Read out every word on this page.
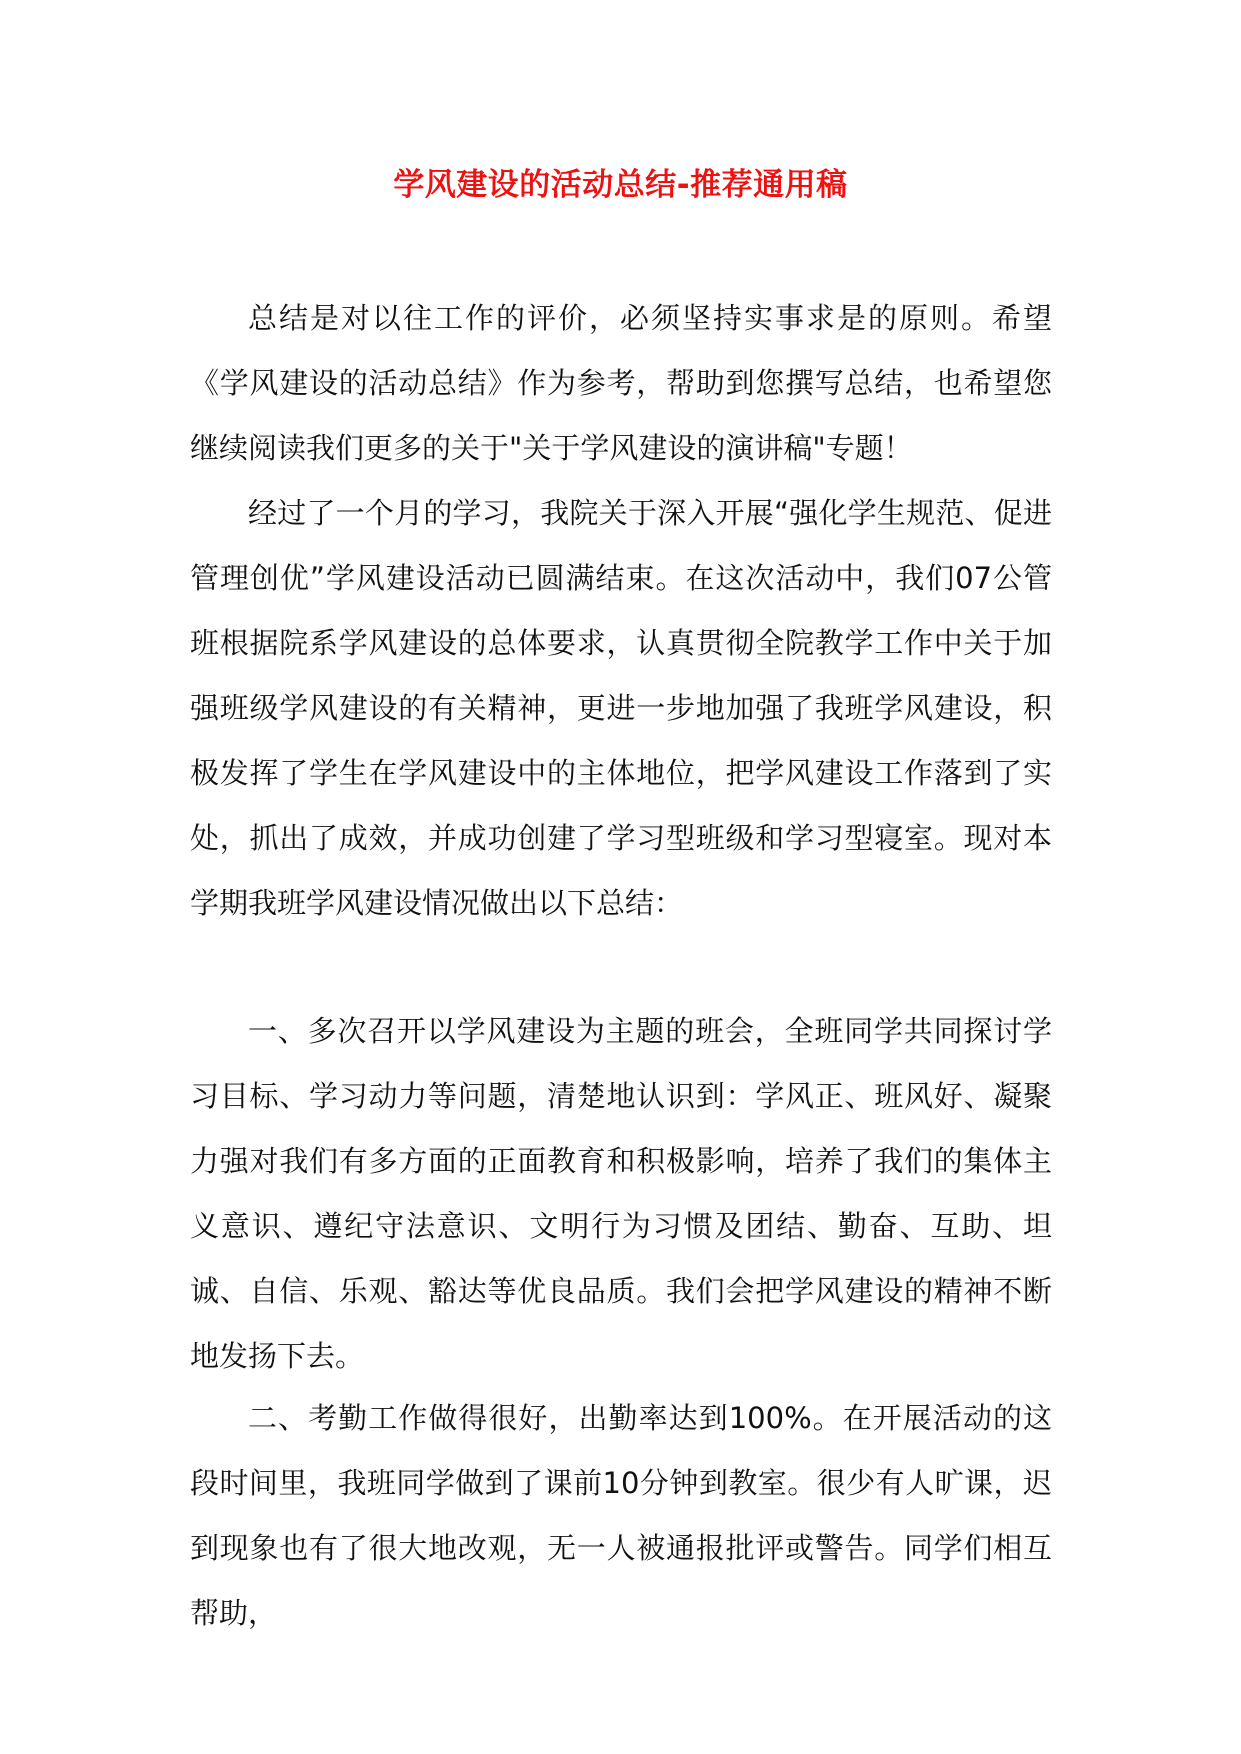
学风建设的活动总结-推荐通用稿

总结是对以往工作的评价，必须坚持实事求是的原则。希望《学风建设的活动总结》作为参考，帮助到您撰写总结，也希望您继续阅读我们更多的关于"关于学风建设的演讲稿"专题！

经过了一个月的学习，我院关于深入开展“强化学生规范、促进管理创优”学风建设活动已圆满结束。在这次活动中，我们07公管班根据院系学风建设的总体要求，认真贯彻全院教学工作中关于加强班级学风建设的有关精神，更进一步地加强了我班学风建设，积极发挥了学生在学风建设中的主体地位，把学风建设工作落到了实处，抓出了成效，并成功创建了学习型班级和学习型寝室。现对本学期我班学风建设情况做出以下总结：

一、多次召开以学风建设为主题的班会，全班同学共同探讨学习目标、学习动力等问题，清楚地认识到：学风正、班风好、凝聚力强对我们有多方面的正面教育和积极影响，培养了我们的集体主义意识、遵纪守法意识、文明行为习惯及团结、勤奋、互助、坦诚、自信、乐观、豁达等优良品质。我们会把学风建设的精神不断地发扬下去。

二、考勤工作做得很好，出勤率达到100%。在开展活动的这段时间里，我班同学做到了课前10分钟到教室。很少有人旷课，迟到现象也有了很大地改观，无一人被通报批评或警告。同学们相互帮助，
